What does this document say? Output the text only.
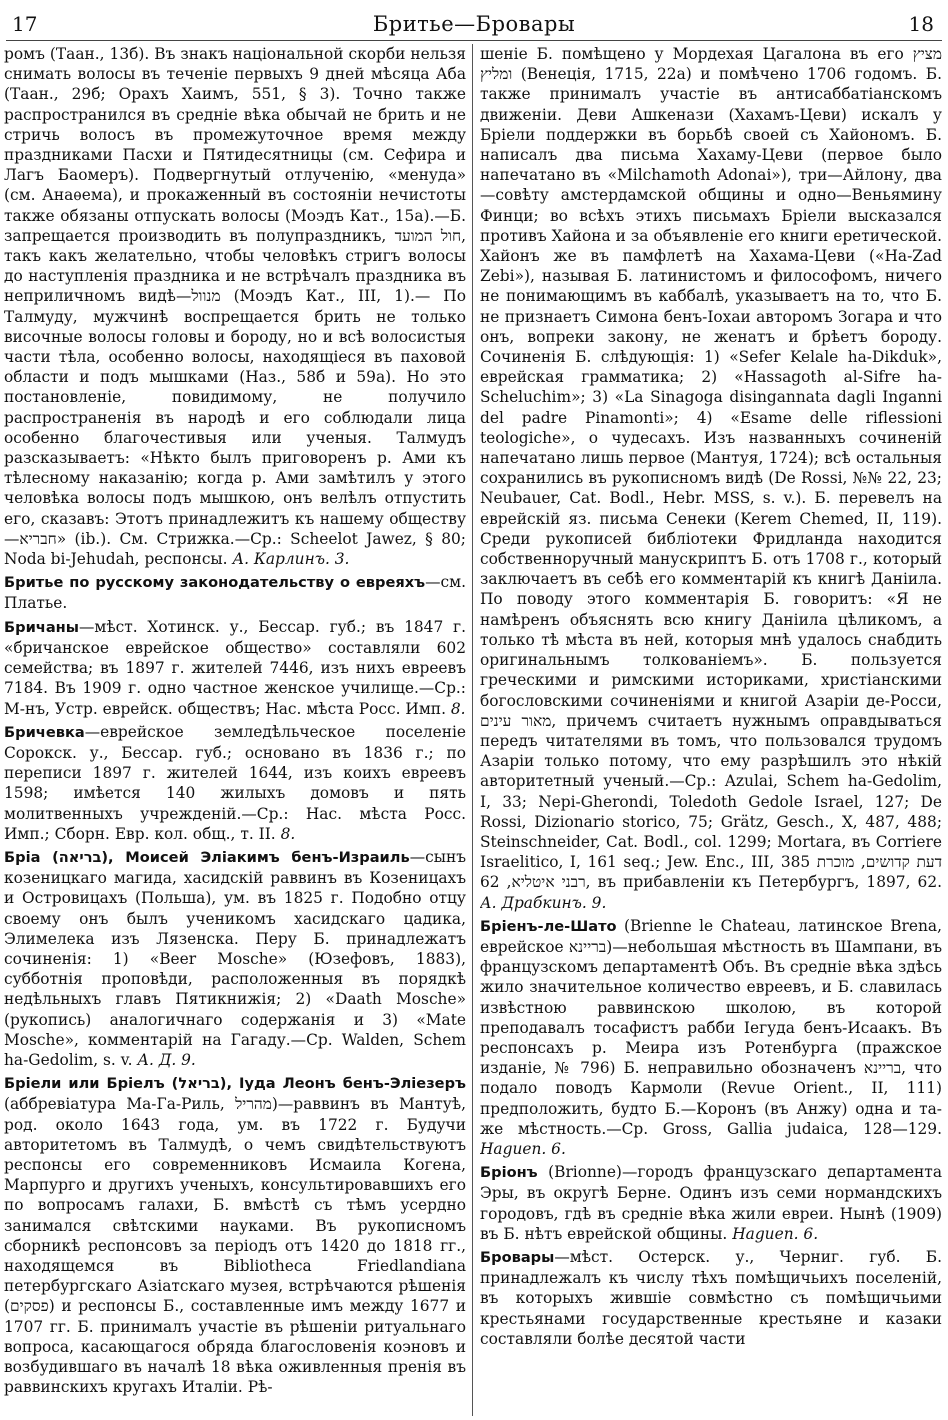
17	Бритье—Бровары	18

ромъ (Таан., 13б). Въ знакъ національной скорби нельзя снимать волосы въ теченіе первыхъ 9 дней мѣсяца Аба (Таан., 29б; Орахъ Хаимъ, 551, § 3). Точно также распространился въ средніе вѣка обычай не брить и не стричь волосъ въ промежуточное время между праздниками Пасхи и Пятидесятницы (см. Сефира и Лагъ Баомеръ). Подвергнутый отлученію, «менуда» (см. Анаѳема), и прокаженный въ состояніи нечистоты также обязаны отпускать волосы (Моэдъ Кат., 15а).—Б. запрещается производить въ полупраздникъ, חול המועד, такъ какъ желательно, чтобы человѣкъ стригъ волосы до наступленія праздника и не встрѣчалъ праздника въ неприличномъ видѣ—מנוול (Моэдъ Кат., III, 1).— По Талмуду, мужчинѣ воспрещается брить не только височные волосы головы и бороду, но и всѣ волосистыя части тѣла, особенно волосы, находящіеся въ паховой области и подъ мышками (Наз., 58б и 59а). Но это постановленіе, повидимому, не получило распространенія въ народѣ и его соблюдали лица особенно благочестивыя или ученыя. Талмудъ разсказываетъ: «Нѣкто былъ приговоренъ р. Ами къ тѣлесному наказанію; когда р. Ами замѣтилъ у этого человѣка волосы подъ мышкою, онъ велѣлъ отпустить его, сказавъ: Этотъ принадлежитъ къ нашему обществу—חבריא» (ib.). См. Стрижка.—Ср.: Scheelot Jawez, § 80; Noda bi-Jehudah, респонсы. А. Карлинъ. 3.

Бритье по русскому законодательству о евреяхъ—см. Платье.

Бричаны—мѣст. Хотинск. у., Бессар. губ.; въ 1847 г. «бричанское еврейское общество» составляли 602 семейства; въ 1897 г. жителей 7446, изъ нихъ евреевъ 7184. Въ 1909 г. одно частное женское училище.—Ср.: М-нъ, Устр. еврейск. обществъ; Нас. мѣста Росс. Имп. 8.

Бричевка—еврейское земледѣльческое поселеніе Сорокск. у., Бессар. губ.; основано въ 1836 г.; по переписи 1897 г. жителей 1644, изъ коихъ евреевъ 1598; имѣется 140 жилыхъ домовъ и пять молитвенныхъ учрежденій.—Ср.: Нас. мѣста Росс. Имп.; Сборн. Евр. кол. общ., т. II. 8.

Бріа (בריאה), Моисей Эліакимъ бенъ-Израиль—сынъ козеницкаго магида, хасидскій раввинъ въ Козеницахъ и Островицахъ (Польша), ум. въ 1825 г. Подобно отцу своему онъ былъ ученикомъ хасидскаго цадика, Элимелека изъ Лязенска. Перу Б. принадлежатъ сочиненія: 1) «Beer Mosche» (Юзефовъ, 1883), субботнія проповѣди, расположенныя въ порядкѣ недѣльныхъ главъ Пятикнижія; 2) «Daath Mosche» (рукопись) аналогичнаго содержанія и 3) «Mate Mosche», комментарій на Гагаду.—Ср. Walden, Schem ha-Gedolim, s. v. А. Д. 9.

Бріели или Бріелъ (בריאל), Іуда Леонъ бенъ-Эліезеръ (аббревіатура Ма-Га-Риль, מהריל)—раввинъ въ Мантуѣ, род. около 1643 года, ум. въ 1722 г. Будучи авторитетомъ въ Талмудѣ, о чемъ свидѣтельствуютъ респонсы его современниковъ Исмаила Когена, Марпурго и другихъ ученыхъ, консультировавшихъ его по вопросамъ галахи, Б. вмѣстѣ съ тѣмъ усердно занимался свѣтскими науками. Въ рукописномъ сборникѣ респонсовъ за періодъ отъ 1420 до 1818 гг., находящемся въ Bibliotheca Friedlandiana петербургскаго Азіатскаго музея, встрѣчаются рѣшенія (פסקים) и респонсы Б., составленные имъ между 1677 и 1707 гг. Б. принималъ участіе въ рѣшеніи ритуальнаго вопроса, касающагося обряда благословенія коэновъ и возбудившаго въ началѣ 18 вѣка оживленныя пренія въ раввинскихъ кругахъ Италіи. Рѣ-

шеніе Б. помѣщено у Мордехая Цагалона въ его מציץ ומליץ (Венеція, 1715, 22а) и помѣчено 1706 годомъ. Б. также принималъ участіе въ антисаббатіанскомъ движеніи. Деви Ашкенази (Хахамъ-Цеви) искалъ у Бріели поддержки въ борьбѣ своей съ Хайономъ. Б. написалъ два письма Хахаму-Цеви (первое было напечатано въ «Milchamoth Adonai»), три—Айлону, два—совѣту амстердамской общины и одно—Веньямину Финци; во всѣхъ этихъ письмахъ Бріели высказался противъ Хайона и за объявленіе его книги еретической. Хайонъ же въ памфлетѣ на Хахама-Цеви («Ha-Zad Zebi»), называя Б. латинистомъ и философомъ, ничего не понимающимъ въ каббалѣ, указываетъ на то, что Б. не признаетъ Симона бенъ-Іохаи авторомъ Зогара и что онъ, вопреки закону, не женатъ и брѣетъ бороду. Сочиненія Б. слѣдующія: 1) «Sefer Kelale ha-Dikduk», еврейская грамматика; 2) «Hassagoth al-Sifre ha-Scheluchim»; 3) «La Sinagoga disingannata dagli Inganni del padre Pinamonti»; 4) «Esame delle riflessioni teologiche», о чудесахъ. Изъ названныхъ сочиненій напечатано лишь первое (Мантуя, 1724); всѣ остальныя сохранились въ рукописномъ видѣ (De Rossi, №№ 22, 23; Neubauer, Cat. Bodl., Hebr. MSS, s. v.). Б. перевелъ на еврейскій яз. письма Сенеки (Kerem Chemed, II, 119). Среди рукописей библіотеки Фридланда находится собственноручный манускриптъ Б. отъ 1708 г., который заключаетъ въ себѣ его комментарій къ книгѣ Даніила. По поводу этого комментарія Б. говоритъ: «Я не намѣренъ объяснять всю книгу Даніила цѣликомъ, а только тѣ мѣста въ ней, которыя мнѣ удалось снабдить оригинальнымъ толкованіемъ». Б. пользуется греческими и римскими историками, христіанскими богословскими сочиненіями и книгой Азаріи де-Росси, מאור עינים, причемъ считаетъ нужнымъ оправдываться передъ читателями въ томъ, что пользовался трудомъ Азаріи только потому, что ему разрѣшилъ это нѣкій авторитетный ученый.—Ср.: Azulai, Schem ha-Gedolim, I, 33; Nepi-Gherondi, Toledoth Gedole Israel, 127; De Rossi, Dizionario storico, 75; Grätz, Gesch., X, 487, 488; Steinschneider, Cat. Bodl., col. 1299; Mortara, въ Corriere Israelitico, I, 161 seq.; Jew. Enc., III, 385 דעת קדושים, מוכרת רבני איטליא, 62, въ прибавленіи къ Петербургъ, 1897, 62. А. Драбкинъ. 9.

Бріенъ-ле-Шато (Brienne le Chateau, латинское Brena, еврейское בריינא)—небольшая мѣстность въ Шампани, въ французскомъ департаментѣ Объ. Въ средніе вѣка здѣсь жило значительное количество евреевъ, и Б. славилась извѣстною раввинскою школою, въ которой преподавалъ тосафистъ рабби Іегуда бенъ-Исаакъ. Въ респонсахъ р. Меира изъ Ротенбурга (пражское изданіе, № 796) Б. неправильно обозначенъ בריינא, что подало поводъ Кармоли (Revue Orient., II, 111) предположить, будто Б.—Коронъ (въ Анжу) одна и та-же мѣстность.—Ср. Gross, Gallia judaica, 128—129. Haguen. 6.

Бріонъ (Brionne)—городъ французскаго департамента Эры, въ округѣ Берне. Одинъ изъ семи нормандскихъ городовъ, гдѣ въ средніе вѣка жили евреи. Нынѣ (1909) въ Б. нѣтъ еврейской общины. Haguen. 6.

Бровары—мѣст. Остерск. у., Черниг. губ. Б. принадлежалъ къ числу тѣхъ помѣщичьихъ поселеній, въ которыхъ жившіе совмѣстно съ помѣщичьими крестьянами государственные крестьяне и казаки составляли болѣе десятой части
